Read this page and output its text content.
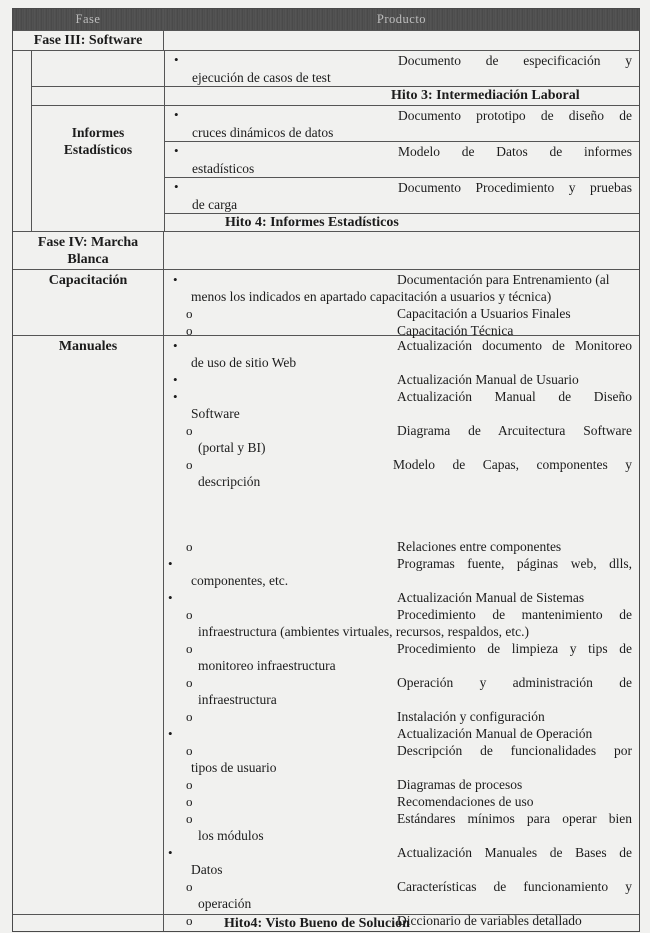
Fase	Producto
Fase III: Software
•	Documento de especificación y
ejecución de casos de test
Hito 3: Intermediación Laboral
Informes Estadísticos
•	Documento prototipo de diseño de
cruces dinámicos de datos
•	Modelo de Datos de informes
estadísticos
•	Documento Procedimiento y pruebas
de carga
Hito 4: Informes Estadísticos
Fase IV: Marcha Blanca
Capacitación	•	Documentación para Entrenamiento (al
menos los indicados en apartado capacitación a usuarios y técnica)
o	Capacitación a Usuarios Finales
o	Capacitación Técnica
Manuales	•	Actualización documento de Monitoreo
de uso de sitio Web
•	Actualización Manual de Usuario
•	Actualización Manual de Diseño
Software
o	Diagrama de Arcuitectura Software
(portal y BI)
o	Modelo de Capas, componentes y
descripción
o	Relaciones entre componentes
•	Programas fuente, páginas web, dlls,
componentes, etc.
•	Actualización Manual de Sistemas
o	Procedimiento de mantenimiento de
infraestructura (ambientes virtuales, recursos, respaldos, etc.)
o	Procedimiento de limpieza y tips de
monitoreo infraestructura
o	Operación y administración de
infraestructura
o	Instalación y configuración
•	Actualización Manual de Operación
o	Descripción de funcionalidades por
tipos de usuario
o	Diagramas de procesos
o	Recomendaciones de uso
o	Estándares mínimos para operar bien
los módulos
•	Actualización Manuales de Bases de
Datos
o	Características de funcionamiento y
operación
o	Diccionario de variables detallado
Hito4: Visto Bueno de Solución
